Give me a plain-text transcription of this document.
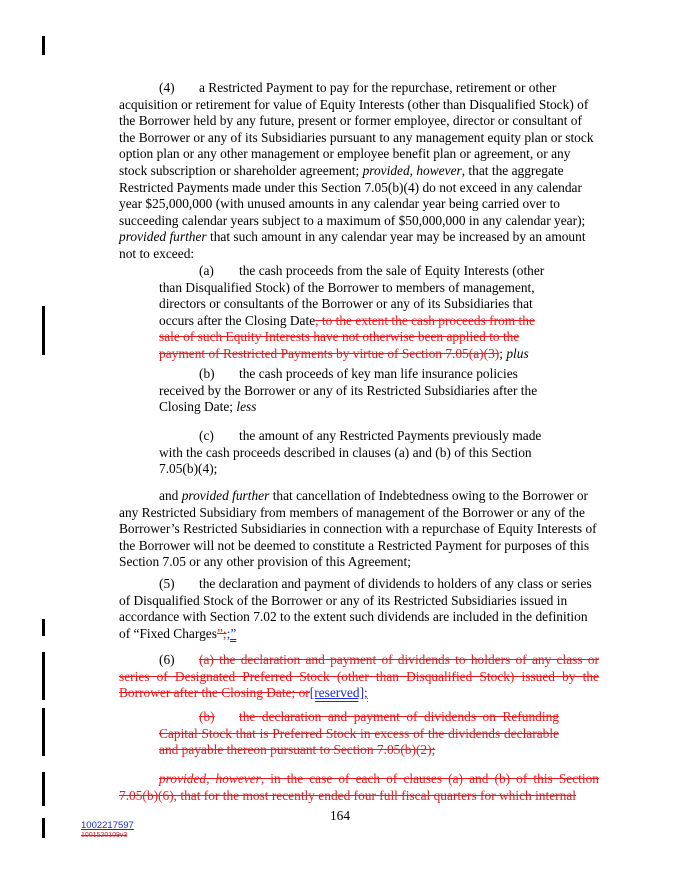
(4) a Restricted Payment to pay for the repurchase, retirement or other acquisition or retirement for value of Equity Interests (other than Disqualified Stock) of the Borrower held by any future, present or former employee, director or consultant of the Borrower or any of its Subsidiaries pursuant to any management equity plan or stock option plan or any other management or employee benefit plan or agreement, or any stock subscription or shareholder agreement; provided, however, that the aggregate Restricted Payments made under this Section 7.05(b)(4) do not exceed in any calendar year $25,000,000 (with unused amounts in any calendar year being carried over to succeeding calendar years subject to a maximum of $50,000,000 in any calendar year); provided further that such amount in any calendar year may be increased by an amount not to exceed:

(a) the cash proceeds from the sale of Equity Interests (other than Disqualified Stock) of the Borrower to members of management, directors or consultants of the Borrower or any of its Subsidiaries that occurs after the Closing Date, to the extent the cash proceeds from the sale of such Equity Interests have not otherwise been applied to the payment of Restricted Payments by virtue of Section 7.05(a)(3); plus

(b) the cash proceeds of key man life insurance policies received by the Borrower or any of its Restricted Subsidiaries after the Closing Date; less

(c) the amount of any Restricted Payments previously made with the cash proceeds described in clauses (a) and (b) of this Section 7.05(b)(4);

and provided further that cancellation of Indebtedness owing to the Borrower or any Restricted Subsidiary from members of management of the Borrower or any of the Borrower’s Restricted Subsidiaries in connection with a repurchase of Equity Interests of the Borrower will not be deemed to constitute a Restricted Payment for purposes of this Section 7.05 or any other provision of this Agreement;

(5) the declaration and payment of dividends to holders of any class or series of Disqualified Stock of the Borrower or any of its Restricted Subsidiaries issued in accordance with Section 7.02 to the extent such dividends are included in the definition of “Fixed Charges”;;”

(6) (a) the declaration and payment of dividends to holders of any class or series of Designated Preferred Stock (other than Disqualified Stock) issued by the Borrower after the Closing Date; or[reserved];

(b) the declaration and payment of dividends on Refunding Capital Stock that is Preferred Stock in excess of the dividends declarable and payable thereon pursuant to Section 7.05(b)(2);

provided, however, in the case of each of clauses (a) and (b) of this Section 7.05(b)(6), that for the most recently ended four full fiscal quarters for which internal

164
1002217597
1001520109v3
